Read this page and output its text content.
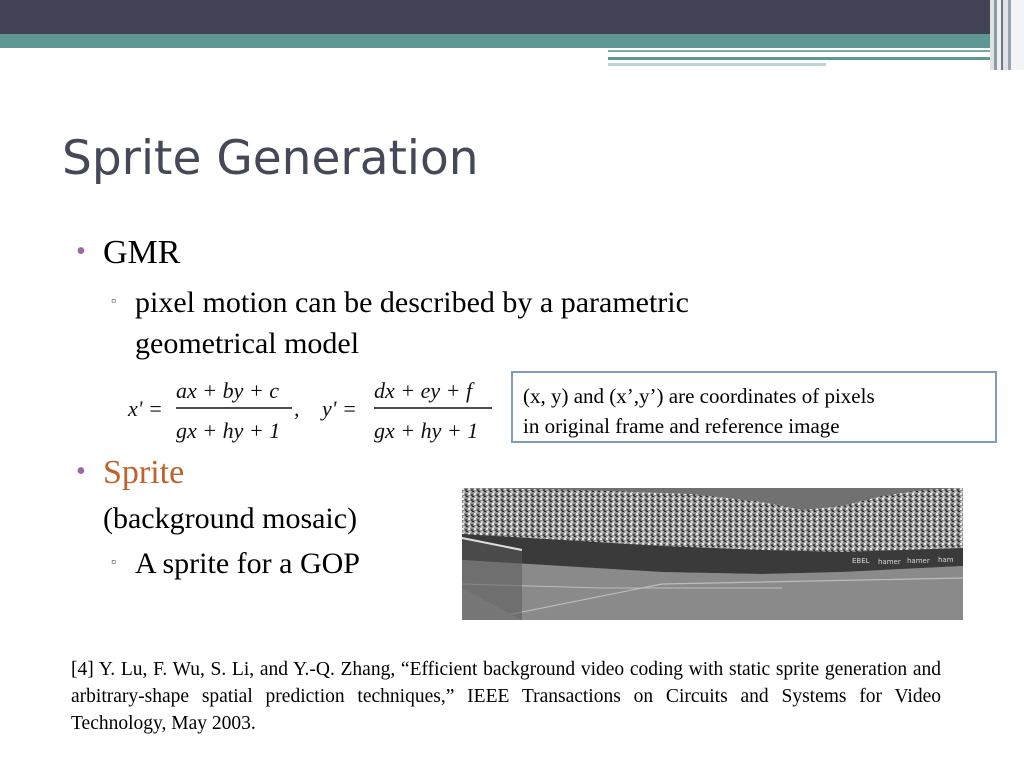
Sprite Generation
• GMR
▫ pixel motion can be described by a parametric
geometrical model
x' =
ax + by + c
gx + hy + 1
, y' =
dx + ey + f
gx + hy + 1
(x, y) and (x’,y’) are coordinates of pixels
in original frame and reference image
• Sprite
(background mosaic)
▫ A sprite for a GOP	EBEL hamer hamer ham
[4] Y. Lu, F. Wu, S. Li, and Y.-Q. Zhang, “Efficient background video coding with static sprite generation and arbitrary-shape spatial prediction techniques,” IEEE Transactions on Circuits and Systems for Video Technology, May 2003.
